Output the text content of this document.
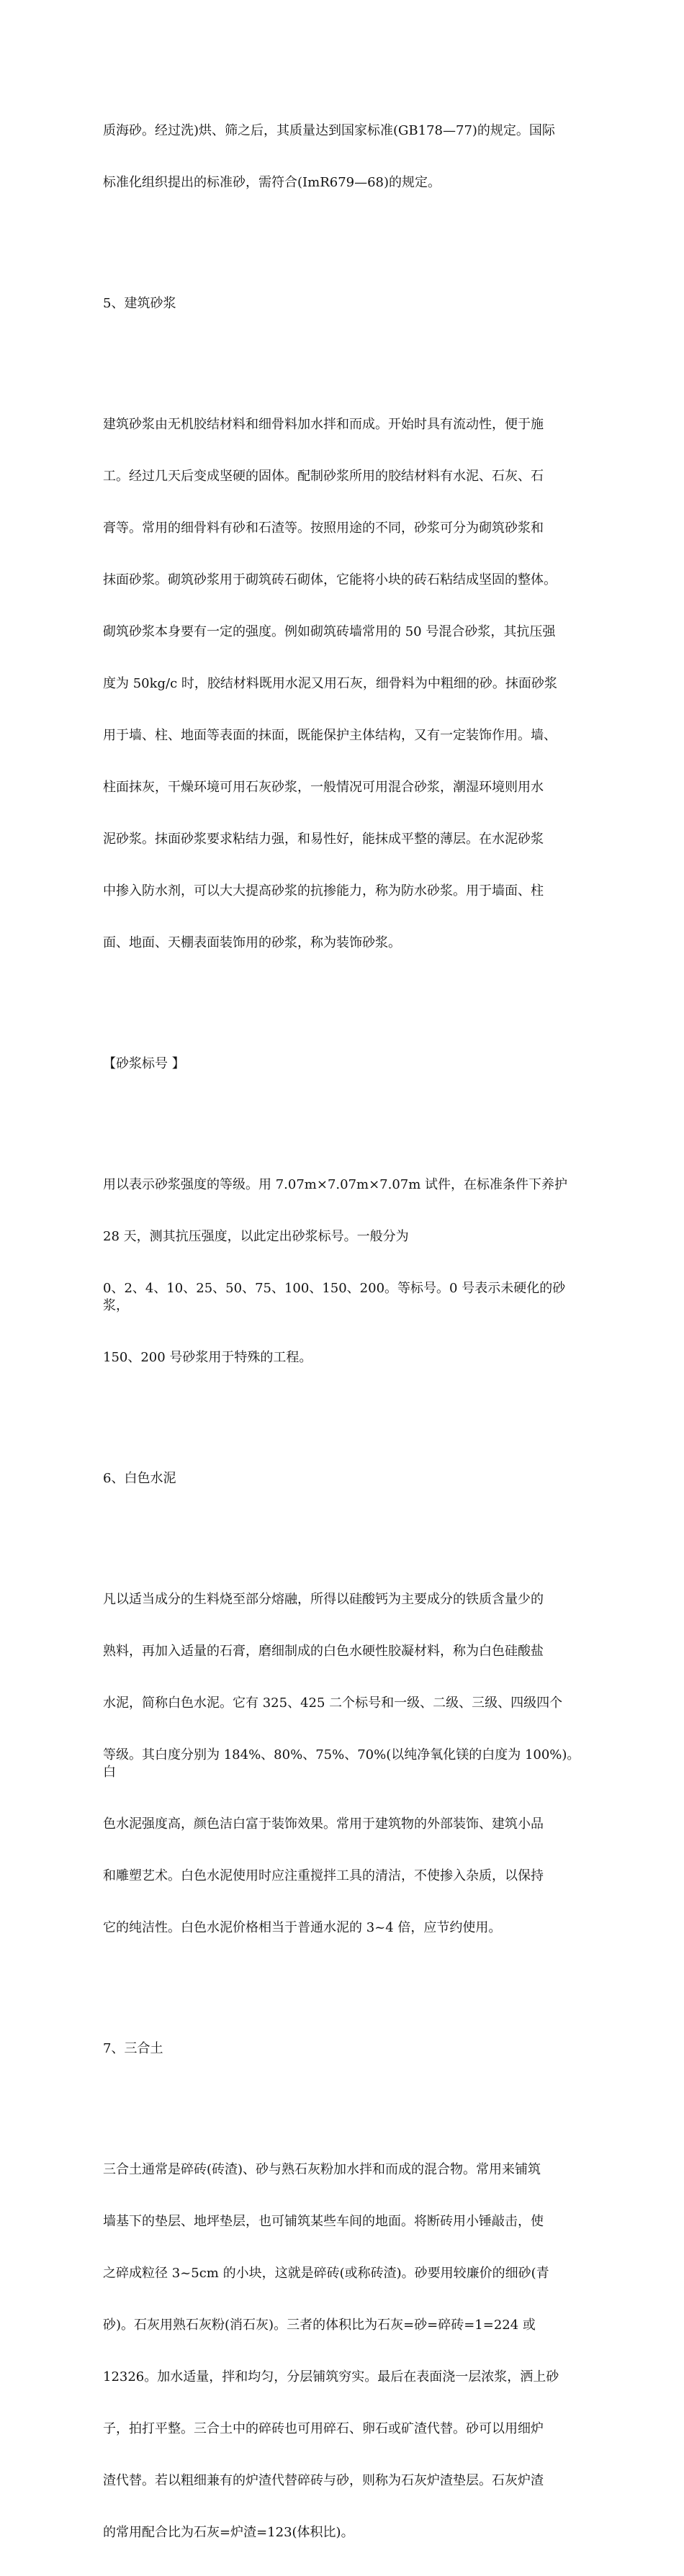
质海砂。经过洗)烘、筛之后，其质量达到国家标准(GB178—77)的规定。国际

标准化组织提出的标准砂，需符合(ImR679—68)的规定。

5、建筑砂浆

建筑砂浆由无机胶结材料和细骨料加水拌和而成。开始时具有流动性，便于施

工。经过几天后变成坚硬的固体。配制砂浆所用的胶结材料有水泥、石灰、石

膏等。常用的细骨料有砂和石渣等。按照用途的不同，砂浆可分为砌筑砂浆和

抹面砂浆。砌筑砂浆用于砌筑砖石砌体，它能将小块的砖石粘结成坚固的整体。

砌筑砂浆本身要有一定的强度。例如砌筑砖墙常用的 50 号混合砂浆，其抗压强

度为 50kg/c 时，胶结材料既用水泥又用石灰，细骨料为中粗细的砂。抹面砂浆

用于墙、柱、地面等表面的抹面，既能保护主体结构，又有一定装饰作用。墙、

柱面抹灰，干燥环境可用石灰砂浆，一般情况可用混合砂浆，潮湿环境则用水

泥砂浆。抹面砂浆要求粘结力强，和易性好，能抹成平整的薄层。在水泥砂浆

中掺入防水剂，可以大大提高砂浆的抗掺能力，称为防水砂浆。用于墙面、柱

面、地面、天棚表面装饰用的砂浆，称为装饰砂浆。

【砂浆标号 】

用以表示砂浆强度的等级。用 7.07m×7.07m×7.07m 试件，在标准条件下养护

28 天，测其抗压强度，以此定出砂浆标号。一般分为

0、2、4、10、25、50、75、100、150、200。等标号。0 号表示未硬化的砂浆，

150、200 号砂浆用于特殊的工程。

6、白色水泥

凡以适当成分的生料烧至部分熔融，所得以硅酸钙为主要成分的铁质含量少的

熟料，再加入适量的石膏，磨细制成的白色水硬性胶凝材料，称为白色硅酸盐

水泥，简称白色水泥。它有 325、425 二个标号和一级、二级、三级、四级四个

等级。其白度分别为 184%、80%、75%、70%(以纯净氧化镁的白度为 100%)。白

色水泥强度高，颜色洁白富于装饰效果。常用于建筑物的外部装饰、建筑小品

和雕塑艺术。白色水泥使用时应注重搅拌工具的清洁，不使掺入杂质，以保持

它的纯洁性。白色水泥价格相当于普通水泥的 3~4 倍，应节约使用。

7、三合土

三合土通常是碎砖(砖渣)、砂与熟石灰粉加水拌和而成的混合物。常用来铺筑

墙基下的垫层、地坪垫层，也可铺筑某些车间的地面。将断砖用小锤敲击，使

之碎成粒径 3~5cm 的小块，这就是碎砖(或称砖渣)。砂要用较廉价的细砂(青

砂)。石灰用熟石灰粉(消石灰)。三者的体积比为石灰=砂=碎砖=1=224 或

12326。加水适量，拌和均匀，分层铺筑穷实。最后在表面浇一层浓浆，洒上砂

子，拍打平整。三合土中的碎砖也可用碎石、卵石或矿渣代替。砂可以用细炉

渣代替。若以粗细兼有的炉渣代替碎砖与砂，则称为石灰炉渣垫层。石灰炉渣

的常用配合比为石灰=炉渣=123(体积比)。
